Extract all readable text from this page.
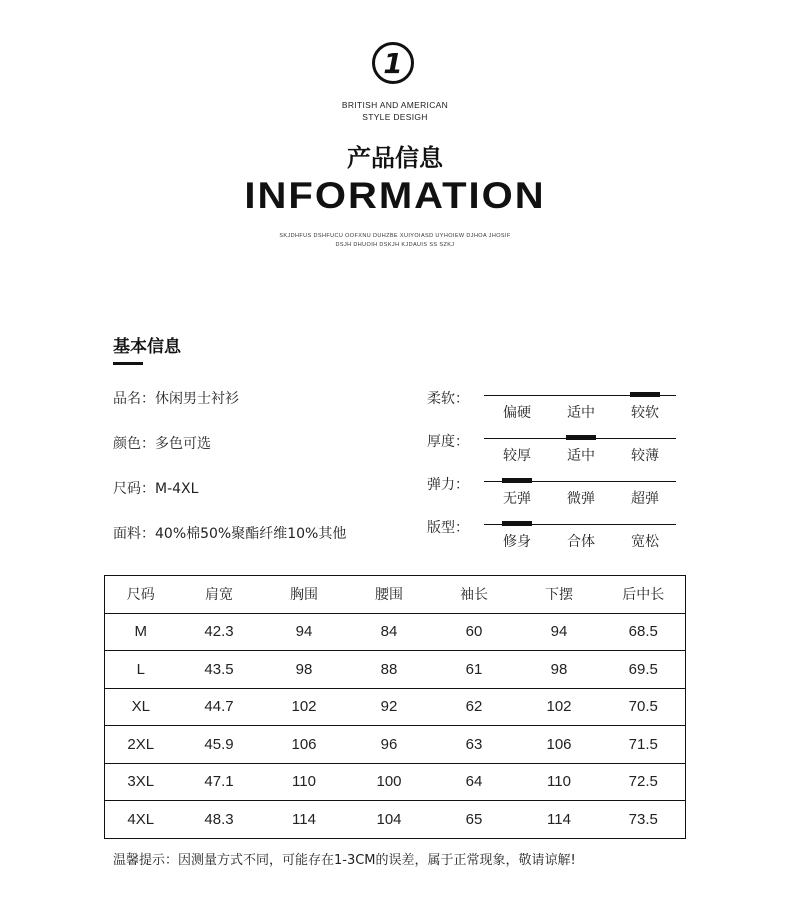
1
BRITISH AND AMERICAN
STYLE DESIGH
产品信息
INFORMATION
SKJDHFUS DSHFUCU OOFXNU DUHZBE XUIYOIASD UYHOIEW DJHOA JHOSIF
DSJH DHUOIH DSKJH KJDAUIS SS SZKJ
基本信息
品名：休闲男士衬衫
颜色：多色可选
尺码：M-4XL
面料：40%棉50%聚酯纤维10%其他
柔软：
偏硬	适中	较软
厚度：
较厚	适中	较薄
弹力：
无弹	微弹	超弹
版型：
修身	合体	宽松
尺码	肩宽	胸围	腰围	袖长	下摆	后中长
M	42.3	94	84	60	94	68.5
L	43.5	98	88	61	98	69.5
XL	44.7	102	92	62	102	70.5
2XL	45.9	106	96	63	106	71.5
3XL	47.1	110	100	64	110	72.5
4XL	48.3	114	104	65	114	73.5
温馨提示：因测量方式不同，可能存在1-3CM的误差，属于正常现象，敬请谅解!
